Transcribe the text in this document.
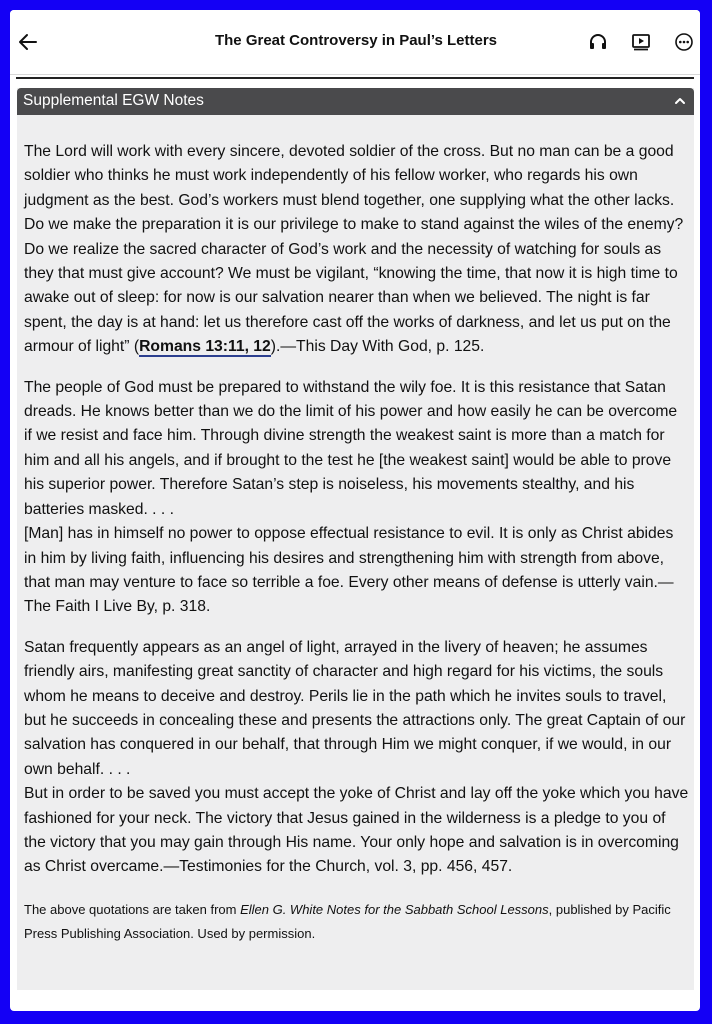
The Great Controversy in Paul’s Letters
Supplemental EGW Notes

The Lord will work with every sincere, devoted soldier of the cross. But no man can be a good soldier who thinks he must work independently of his fellow worker, who regards his own judgment as the best. God’s workers must blend together, one supplying what the other lacks.

Do we make the preparation it is our privilege to make to stand against the wiles of the enemy? Do we realize the sacred character of God’s work and the necessity of watching for souls as they that must give account? We must be vigilant, “knowing the time, that now it is high time to awake out of sleep: for now is our salvation nearer than when we believed. The night is far spent, the day is at hand: let us therefore cast off the works of darkness, and let us put on the armour of light” (Romans 13:11, 12).—This Day With God, p. 125.

The people of God must be prepared to withstand the wily foe. It is this resistance that Satan dreads. He knows better than we do the limit of his power and how easily he can be overcome if we resist and face him. Through divine strength the weakest saint is more than a match for him and all his angels, and if brought to the test he [the weakest saint] would be able to prove his superior power. Therefore Satan’s step is noiseless, his movements stealthy, and his batteries masked. . . .

[Man] has in himself no power to oppose effectual resistance to evil. It is only as Christ abides in him by living faith, influencing his desires and strengthening him with strength from above, that man may venture to face so terrible a foe. Every other means of defense is utterly vain.—The Faith I Live By, p. 318.

Satan frequently appears as an angel of light, arrayed in the livery of heaven; he assumes friendly airs, manifesting great sanctity of character and high regard for his victims, the souls whom he means to deceive and destroy. Perils lie in the path which he invites souls to travel, but he succeeds in concealing these and presents the attractions only. The great Captain of our salvation has conquered in our behalf, that through Him we might conquer, if we would, in our own behalf. . . .

But in order to be saved you must accept the yoke of Christ and lay off the yoke which you have fashioned for your neck. The victory that Jesus gained in the wilderness is a pledge to you of the victory that you may gain through His name. Your only hope and salvation is in overcoming as Christ overcame.—Testimonies for the Church, vol. 3, pp. 456, 457.

The above quotations are taken from Ellen G. White Notes for the Sabbath School Lessons, published by Pacific Press Publishing Association. Used by permission.
